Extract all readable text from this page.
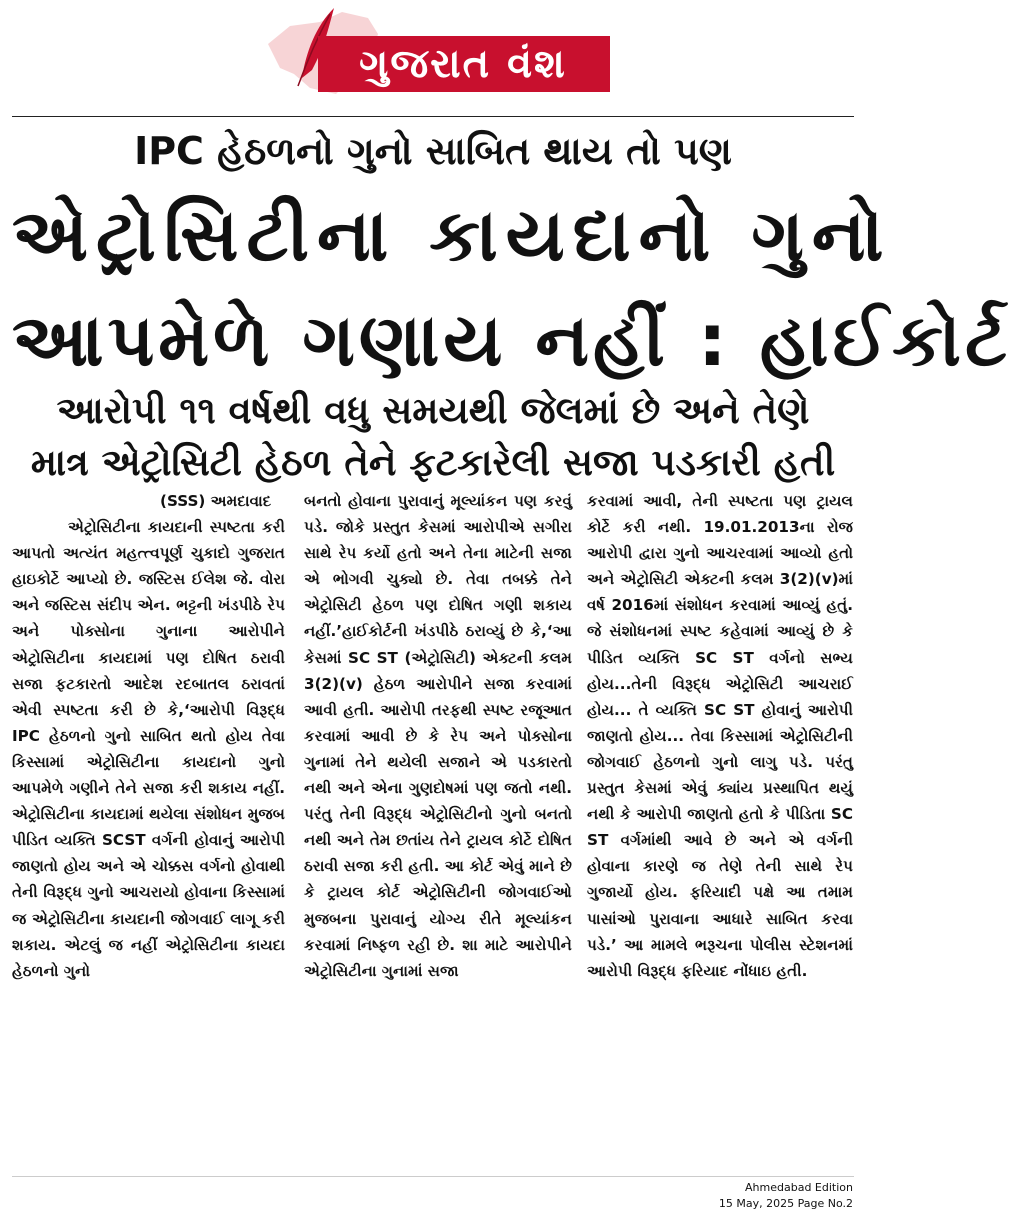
ગુજરાત વંશ
IPC હેઠળનો ગુનો સાબિત થાય તો પણ
એટ્રોસિટીના કાયદાનો ગુનો
આપમેળે ગણાય નહીં : હાઈકોર્ટ
આરોપી ૧૧ વર્ષથી વધુ સમયથી જેલમાં છે અને તેણે
માત્ર એટ્રોસિટી હેઠળ તેને ફટકારેલી સજા પડકારી હતી
(SSS) અમદાવાદ
એટ્રોસિટીના કાયદાની સ્પષ્ટતા કરી આપતો અત્યંત મહત્ત્વપૂર્ણ ચુકાદો ગુજરાત હાઇકોર્ટે આપ્યો છે. જસ્ટિસ ઈલેશ જે. વોરા અને જસ્ટિસ સંદીપ એન. ભટ્ટની ખંડપીઠે રેપ અને પોક્સોના ગુનાના આરોપીને એટ્રોસિટીના કાયદામાં પણ દોષિત ઠરાવી સજા ફટકારતો આદેશ રદબાતલ ઠરાવતાં એવી સ્પષ્ટતા કરી છે કે,‘આરોપી વિરૂદ્ધ IPC હેઠળનો ગુનો સાબિત થતો હોય તેવા કિસ્સામાં એટ્રોસિટીના કાયદાનો ગુનો આપમેળે ગણીને તેને સજા કરી શકાય નહીં. એટ્રોસિટીના કાયદામાં થયેલા સંશોધન મુજબ પીડિત વ્યક્તિ SCST વર્ગની હોવાનું આરોપી જાણતો હોય અને એ ચોક્કસ વર્ગનો હોવાથી તેની વિરૂદ્ધ ગુનો આચરાયો હોવાના કિસ્સામાં જ એટ્રોસિટીના કાયદાની જોગવાઈ લાગૂ કરી શકાય. એટલું જ નહીં એટ્રોસિટીના કાયદા હેઠળનો ગુનો
બનતો હોવાના પુરાવાનું મૂલ્યાંકન પણ કરવું પડે. જોકે પ્રસ્તુત કેસમાં આરોપીએ સગીરા સાથે રેપ કર્યો હતો અને તેના માટેની સજા એ ભોગવી ચુક્યો છે. તેવા તબક્કે તેને એટ્રોસિટી હેઠળ પણ દોષિત ગણી શકાય નહીં.’હાઈકોર્ટની ખંડપીઠે ઠરાવ્યું છે કે,‘આ કેસમાં SC ST (એટ્રોસિટી) એક્ટની કલમ 3(2)(v) હેઠળ આરોપીને સજા કરવામાં આવી હતી. આરોપી તરફથી સ્પષ્ટ રજૂઆત કરવામાં આવી છે કે રેપ અને પોક્સોના ગુનામાં તેને થયેલી સજાને એ પડકારતો નથી અને એના ગુણદોષમાં પણ જતો નથી. પરંતુ તેની વિરૂદ્ધ એટ્રોસિટીનો ગુનો બનતો નથી અને તેમ છતાંય તેને ટ્રાયલ કોર્ટે દોષિત ઠરાવી સજા કરી હતી. આ કોર્ટ એવું માને છે કે ટ્રાયલ કોર્ટ એટ્રોસિટીની જોગવાઈઓ મુજબના પુરાવાનું યોગ્ય રીતે મૂલ્યાંકન કરવામાં નિષ્ફળ રહી છે. શા માટે આરોપીને એટ્રોસિટીના ગુનામાં સજા
કરવામાં આવી, તેની સ્પષ્ટતા પણ ટ્રાયલ કોર્ટે કરી નથી. 19.01.2013ના રોજ આરોપી દ્વારા ગુનો આચરવામાં આવ્યો હતો અને એટ્રોસિટી એક્ટની કલમ 3(2)(v)માં વર્ષ 2016માં સંશોધન કરવામાં આવ્યું હતું. જે સંશોધનમાં સ્પષ્ટ કહેવામાં આવ્યું છે કે પીડિત વ્યક્તિ SC ST વર્ગનો સભ્ય હોય...તેની વિરૂદ્ધ એટ્રોસિટી આચરાઈ હોય... તે વ્યક્તિ SC ST હોવાનું આરોપી જાણતો હોય... તેવા કિસ્સામાં એટ્રોસિટીની જોગવાઈ હેઠળનો ગુનો લાગુ પડે. પરંતુ પ્રસ્તુત કેસમાં એવું ક્યાંય પ્રસ્થાપિત થયું નથી કે આરોપી જાણતો હતો કે પીડિતા SC ST વર્ગમાંથી આવે છે અને એ વર્ગની હોવાના કારણે જ તેણે તેની સાથે રેપ ગુજાર્યો હોય. ફરિયાદી પક્ષે આ તમામ પાસાંઓ પુરાવાના આધારે સાબિત કરવા પડે.’ આ મામલે ભરૂચના પોલીસ સ્ટેશનમાં આરોપી વિરૂદ્ધ ફરિયાદ નોંધાઇ હતી.
Ahmedabad Edition
15 May, 2025 Page No.2
